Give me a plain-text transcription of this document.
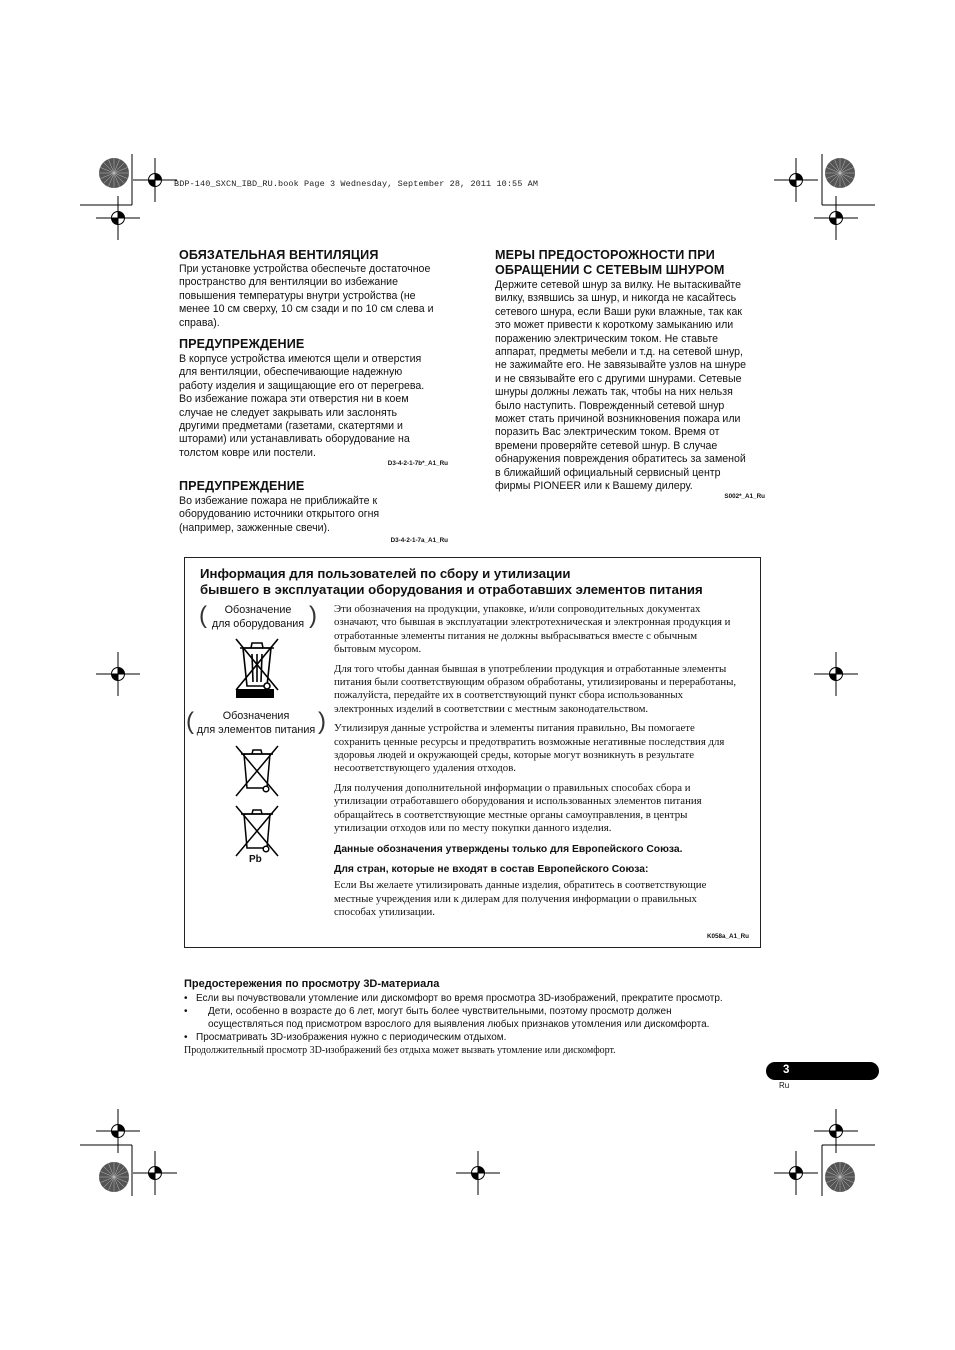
BDP-140_SXCN_IBD_RU.book Page 3 Wednesday, September 28, 2011 10:55 AM
ОБЯЗАТЕЛЬНАЯ ВЕНТИЛЯЦИЯ
При установке устройства обеспечьте достаточное
пространство для вентиляции во избежание
повышения температуры внутри устройства (не
менее 10 см сверху, 10 см сзади и по 10 см слева и
справа).
ПРЕДУПРЕЖДЕНИЕ
В корпусе устройства имеются щели и отверстия
для вентиляции, обеспечивающие надежную
работу изделия и защищающие его от перегрева.
Во избежание пожара эти отверстия ни в коем
случае не следует закрывать или заслонять
другими предметами (газетами, скатертями и
шторами) или устанавливать оборудование на
толстом ковре или постели.
D3-4-2-1-7b*_A1_Ru
ПРЕДУПРЕЖДЕНИЕ
Во избежание пожара не приближайте к
оборудованию источники открытого огня
(например, зажженные свечи).
D3-4-2-1-7a_A1_Ru
МЕРЫ ПРЕДОСТОРОЖНОСТИ ПРИ
ОБРАЩЕНИИ С СЕТЕВЫМ ШНУРОМ
Держите сетевой шнур за вилку. Не вытаскивайте
вилку, взявшись за шнур, и никогда не касайтесь
сетевого шнура, если Ваши руки влажные, так как
это может привести к короткому замыканию или
поражению электрическим током. Не ставьте
аппарат, предметы мебели и т.д. на сетевой шнур,
не зажимайте его. Не завязывайте узлов на шнуре
и не связывайте его с другими шнурами. Сетевые
шнуры должны лежать так, чтобы на них нельзя
было наступить. Поврежденный сетевой шнур
может стать причиной возникновения пожара или
поразить Вас электрическим током. Время от
времени проверяйте сетевой шнур. В случае
обнаружения повреждения обратитесь за заменой
в ближайший официальный сервисный центр
фирмы PIONEER или к Вашему дилеру.
S002*_A1_Ru
Информация для пользователей по сбору и утилизации
бывшего в эксплуатации оборудования и отработавших элементов питания
(	)
Обозначение
для оборудования
(	)
Обозначения
для элементов питания
Pb
Эти обозначения на продукции, упаковке, и/или сопроводительных документах
означают, что бывшая в эксплуатации электротехническая и электронная продукция и
отработанные элементы питания не должны выбрасываться вместе с обычным
бытовым мусором.
Для того чтобы данная бывшая в употреблении продукция и отработанные элементы
питания были соответствующим образом обработаны, утилизированы и переработаны,
пожалуйста, передайте их в соответствующий пункт сбора использованных
электронных изделий в соответствии с местным законодательством.
Утилизируя данные устройства и элементы питания правильно, Вы помогаете
сохранить ценные ресурсы и предотвратить возможные негативные последствия для
здоровья людей и окружающей среды, которые могут возникнуть в результате
несоответствующего удаления отходов.
Для получения дополнительной информации о правильных способах сбора и
утилизации отработавшего оборудования и использованных элементов питания
обращайтесь в соответствующие местные органы самоуправления, в центры
утилизации отходов или по месту покупки данного изделия.
Данные обозначения утверждены только для Европейского Союза.
Для стран, которые не входят в состав Европейского Союза:
Если Вы желаете утилизировать данные изделия, обратитесь в соответствующие
местные учреждения или к дилерам для получения информации о правильных
способах утилизации.
K058a_A1_Ru
Предостережения по просмотру 3D-материала
• Если вы почувствовали утомление или дискомфорт во время просмотра 3D-изображений, прекратите просмотр.
•	Дети, особенно в возрасте до 6 лет, могут быть более чувствительными, поэтому просмотр должен
осуществляться под присмотром взрослого для выявления любых признаков утомления или дискомфорта.
• Просматривать 3D-изображения нужно с периодическим отдыхом.
Продолжительный просмотр 3D-изображений без отдыха может вызвать утомление или дискомфорт.
3
Ru
